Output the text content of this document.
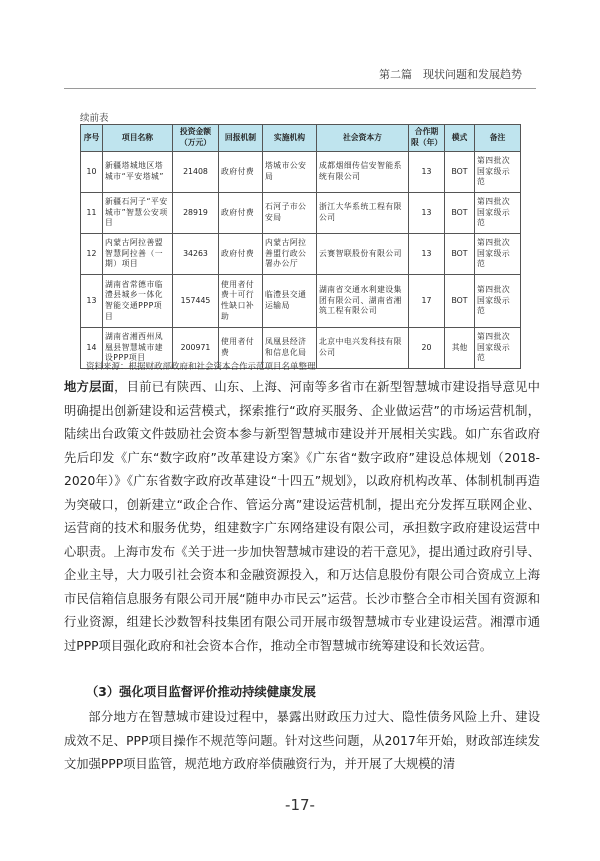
第二篇　现状问题和发展趋势
续前表
序号	项目名称	投资金额（万元）	回报机制	实施机构	社会资本方	合作期限（年）	模式	备注
10	新疆塔城地区塔城市“平安塔城”	21408	政府付费	塔城市公安局	成都烟细传信安智能系统有限公司	13	BOT	第四批次国家级示范
11	新疆石河子“平安城市”智慧公安项目	28919	政府付费	石河子市公安局	浙江大华系统工程有限公司	13	BOT	第四批次国家级示范
12	内蒙古阿拉善盟智慧阿拉善（一期）项目	34263	政府付费	内蒙古阿拉善盟行政公署办公厅	云赛智联股份有限公司	13	BOT	第四批次国家级示范
13	湖南省常德市临澧县城乡一体化智能交通PPP项目	157445	使用者付费十可行性缺口补助	临澧县交通运输局	湖南省交通水利建设集团有限公司、湖南省湘筑工程有限公司	17	BOT	第四批次国家级示范
14	湖南省湘西州凤凰县智慧城市建设PPP项目	200971	使用者付费	凤凰县经济和信息化局	北京中电兴发科技有限公司	20	其他	第四批次国家级示范
资料来源：根据财政部政府和社会资本合作示范项目名单整理

地方层面，目前已有陕西、山东、上海、河南等多省市在新型智慧城市建设指导意见中明确提出创新建设和运营模式，探索推行“政府买服务、企业做运营”的市场运营机制，陆续出台政策文件鼓励社会资本参与新型智慧城市建设并开展相关实践。如广东省政府先后印发《广东“数字政府”改革建设方案》《广东省“数字政府”建设总体规划（2018-2020年）》《广东省数字政府改革建设“十四五”规划》，以政府机构改革、体制机制再造为突破口，创新建立“政企合作、管运分离”建设运营机制，提出充分发挥互联网企业、运营商的技术和服务优势，组建数字广东网络建设有限公司，承担数字政府建设运营中心职责。上海市发布《关于进一步加快智慧城市建设的若干意见》，提出通过政府引导、企业主导，大力吸引社会资本和金融资源投入，和万达信息股份有限公司合资成立上海市民信箱信息服务有限公司开展“随申办市民云”运营。长沙市整合全市相关国有资源和行业资源，组建长沙数智科技集团有限公司开展市级智慧城市专业建设运营。湘潭市通过PPP项目强化政府和社会资本合作，推动全市智慧城市统筹建设和长效运营。

（3）强化项目监督评价推动持续健康发展

部分地方在智慧城市建设过程中，暴露出财政压力过大、隐性债务风险上升、建设成效不足、PPP项目操作不规范等问题。针对这些问题，从2017年开始，财政部连续发文加强PPP项目监管，规范地方政府举债融资行为，并开展了大规模的清

-17-
